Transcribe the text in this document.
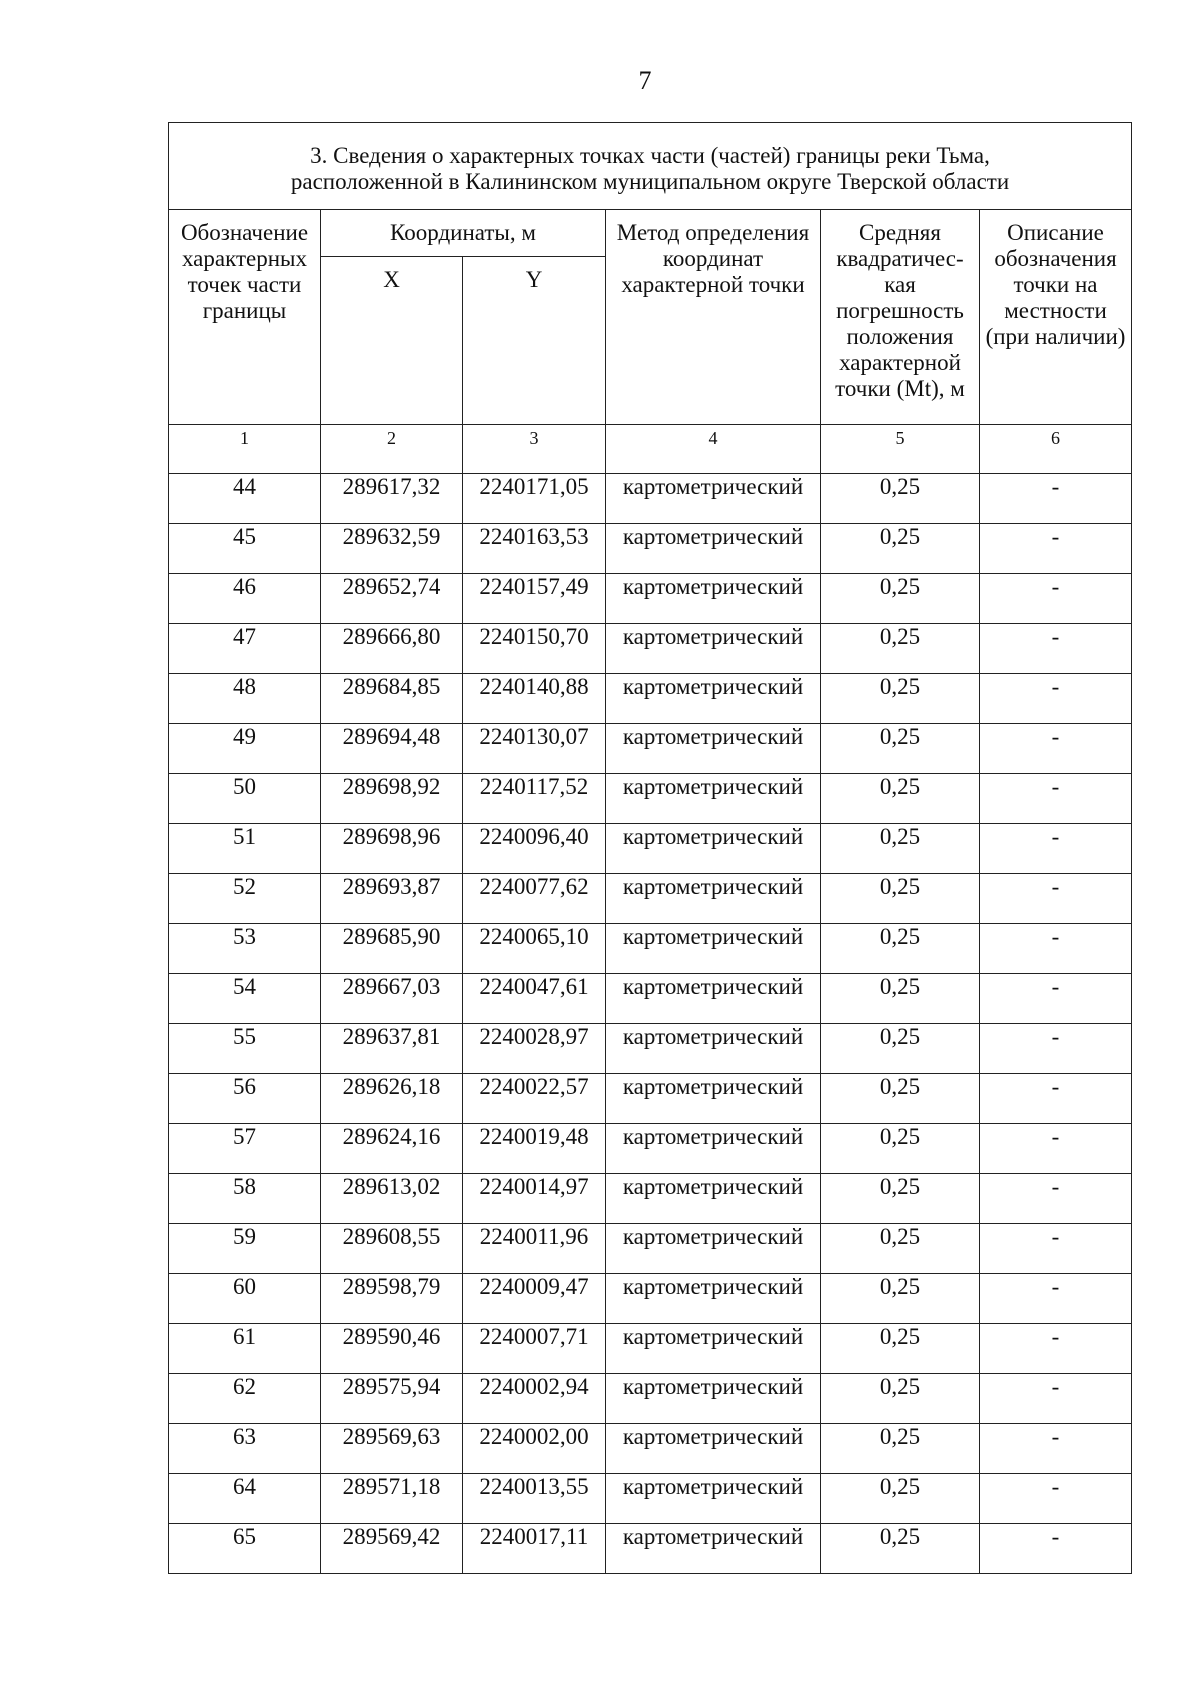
7
3. Сведения о характерных точках части (частей) границы реки Тьма,
расположенной в Калининском муниципальном округе Тверской области					
Обозначение характерных точек части границы	Координаты, м		Метод определения координат характерной точки	Средняя квадратичес-кая погрешность положения характерной точки (Mt), м	Описание обозначения точки на местности (при наличии)
	X	Y			
1	2	3	4	5	6
44	289617,32	2240171,05	картометрический	0,25	-
45	289632,59	2240163,53	картометрический	0,25	-
46	289652,74	2240157,49	картометрический	0,25	-
47	289666,80	2240150,70	картометрический	0,25	-
48	289684,85	2240140,88	картометрический	0,25	-
49	289694,48	2240130,07	картометрический	0,25	-
50	289698,92	2240117,52	картометрический	0,25	-
51	289698,96	2240096,40	картометрический	0,25	-
52	289693,87	2240077,62	картометрический	0,25	-
53	289685,90	2240065,10	картометрический	0,25	-
54	289667,03	2240047,61	картометрический	0,25	-
55	289637,81	2240028,97	картометрический	0,25	-
56	289626,18	2240022,57	картометрический	0,25	-
57	289624,16	2240019,48	картометрический	0,25	-
58	289613,02	2240014,97	картометрический	0,25	-
59	289608,55	2240011,96	картометрический	0,25	-
60	289598,79	2240009,47	картометрический	0,25	-
61	289590,46	2240007,71	картометрический	0,25	-
62	289575,94	2240002,94	картометрический	0,25	-
63	289569,63	2240002,00	картометрический	0,25	-
64	289571,18	2240013,55	картометрический	0,25	-
65	289569,42	2240017,11	картометрический	0,25	-
